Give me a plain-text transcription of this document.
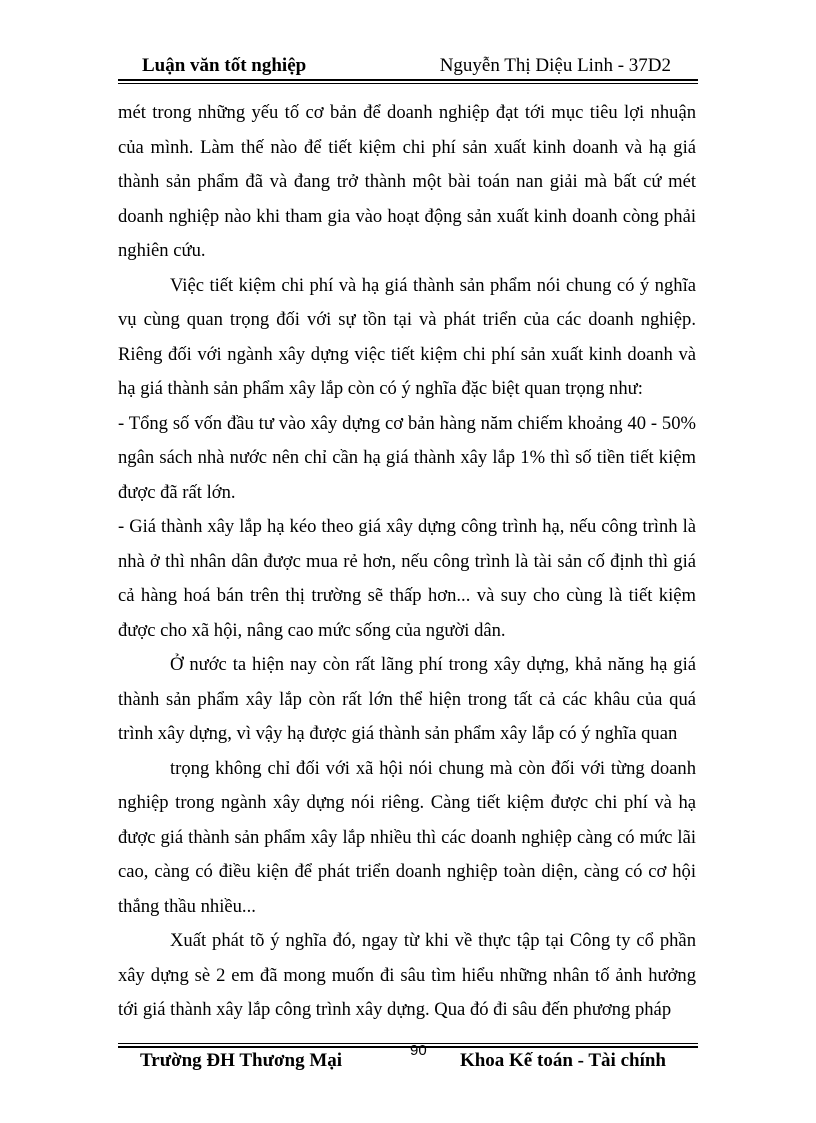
Luận văn tốt nghiệp	Nguyễn Thị Diệu Linh - 37D2

mét trong những yếu tố cơ bản để doanh nghiệp đạt tới mục tiêu lợi nhuận của mình. Làm thế nào để tiết kiệm chi phí sản xuất kinh doanh và hạ giá thành sản phẩm đã và đang trở thành một bài toán nan giải mà bất cứ mét doanh nghiệp nào khi tham gia vào hoạt động sản xuất kinh doanh còng phải nghiên cứu.

Việc tiết kiệm chi phí và hạ giá thành sản phẩm nói chung có ý nghĩa vụ cùng quan trọng đối với sự tồn tại và phát triển của các doanh nghiệp. Riêng đối với ngành xây dựng việc tiết kiệm chi phí sản xuất kinh doanh và hạ giá thành sản phẩm xây lắp còn có ý nghĩa đặc biệt quan trọng như:

- Tổng số vốn đầu tư vào xây dựng cơ bản hàng năm chiếm khoảng 40 - 50% ngân sách nhà nước nên chỉ cần hạ giá thành xây lắp 1% thì số tiền tiết kiệm được đã rất lớn.

- Giá thành xây lắp hạ kéo theo giá xây dựng công trình hạ, nếu công trình là nhà ở thì nhân dân được mua rẻ hơn, nếu công trình là tài sản cố định thì giá cả hàng hoá bán trên thị trường sẽ thấp hơn... và suy cho cùng là tiết kiệm được cho xã hội, nâng cao mức sống của người dân.

Ở nước ta hiện nay còn rất lãng phí trong xây dựng, khả năng hạ giá thành sản phẩm xây lắp còn rất lớn thể hiện trong tất cả các khâu của quá trình xây dựng, vì vậy hạ được giá thành sản phẩm xây lắp có ý nghĩa quan

trọng không chỉ đối với xã hội nói chung mà còn đối với từng doanh nghiệp trong ngành xây dựng nói riêng. Càng tiết kiệm được chi phí và hạ được giá thành sản phẩm xây lắp nhiều thì các doanh nghiệp càng có mức lãi cao, càng có điều kiện để phát triển doanh nghiệp toàn diện, càng có cơ hội thắng thầu nhiều...

Xuất phát tõ ý nghĩa đó, ngay từ khi về thực tập tại Công ty cổ phần xây dựng sè 2 em đã mong muốn đi sâu tìm hiểu những nhân tố ảnh hưởng tới giá thành xây lắp công trình xây dựng. Qua đó đi sâu đến phương pháp

Trường ĐH Thương Mại	90 Khoa Kế toán - Tài chính
